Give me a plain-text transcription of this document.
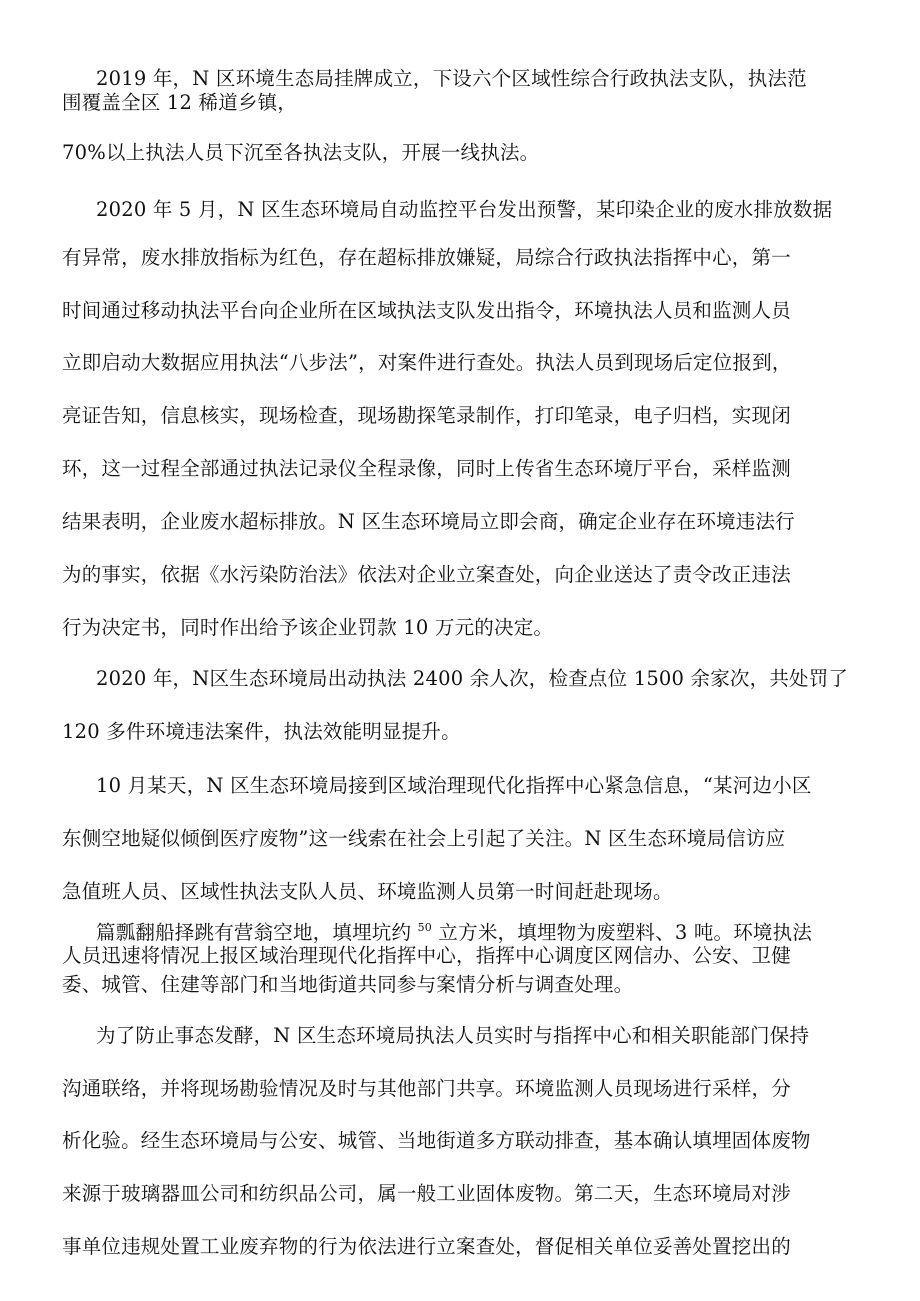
2019 年，N 区环境生态局挂牌成立，下设六个区域性综合行政执法支队，执法范
围覆盖全区 12 稀道乡镇，
70%以上执法人员下沉至各执法支队，开展一线执法。
2020 年 5 月，N 区生态环境局自动监控平台发出预警，某印染企业的废水排放数据
有异常，废水排放指标为红色，存在超标排放嫌疑，局综合行政执法指挥中心，第一
时间通过移动执法平台向企业所在区域执法支队发出指令，环境执法人员和监测人员
立即启动大数据应用执法“八步法”，对案件进行查处。执法人员到现场后定位报到，
亮证告知，信息核实，现场检查，现场勘探笔录制作，打印笔录，电子归档，实现闭
环，这一过程全部通过执法记录仪全程录像，同时上传省生态环境厅平台，采样监测
结果表明，企业废水超标排放。N 区生态环境局立即会商，确定企业存在环境违法行
为的事实，依据《水污染防治法》依法对企业立案查处，向企业送达了责令改正违法
行为决定书，同时作出给予该企业罚款 10 万元的决定。
2020 年，N区生态环境局出动执法 2400 余人次，检查点位 1500 余家次，共处罚了
120 多件环境违法案件，执法效能明显提升。
10 月某天，N 区生态环境局接到区域治理现代化指挥中心紧急信息，“某河边小区
东侧空地疑似倾倒医疗废物”这一线索在社会上引起了关注。N 区生态环境局信访应
急值班人员、区域性执法支队人员、环境监测人员第一时间赶赴现场。
篇瓢翻船择跳有营翁空地，填埋坑约 $^{50}$ 立方米，填埋物为废塑料、3 吨。环境执法
人员迅速将情况上报区域治理现代化指挥中心，指挥中心调度区网信办、公安、卫健
委、城管、住建等部门和当地街道共同参与案情分析与调查处理。
为了防止事态发酵，N 区生态环境局执法人员实时与指挥中心和相关职能部门保持
沟通联络，并将现场勘验情况及时与其他部门共享。环境监测人员现场进行采样，分
析化验。经生态环境局与公安、城管、当地街道多方联动排查，基本确认填埋固体废物
来源于玻璃器皿公司和纺织品公司，属一般工业固体废物。第二天，生态环境局对涉
事单位违规处置工业废弃物的行为依法进行立案查处，督促相关单位妥善处置挖出的
